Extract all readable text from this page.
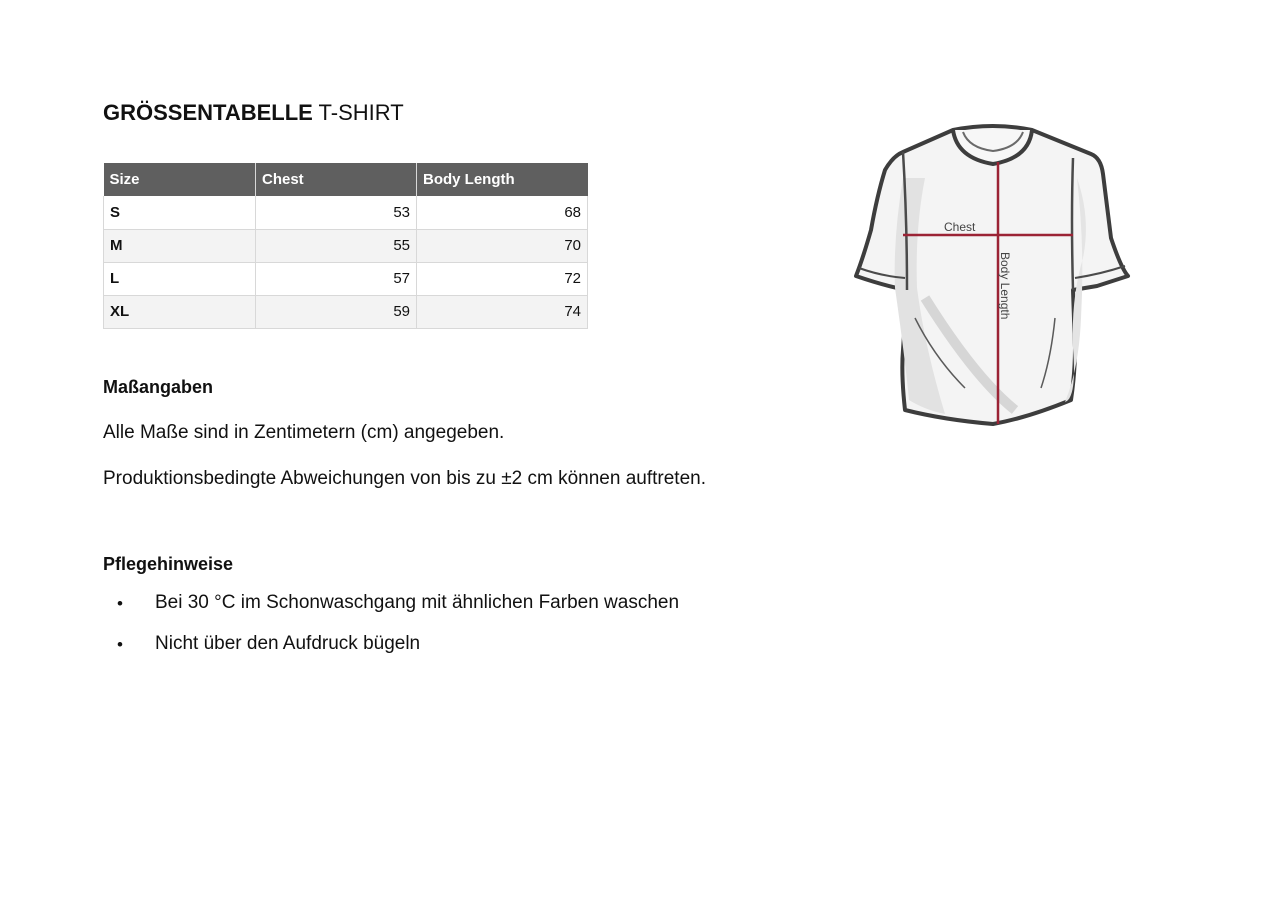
GRÖSSENTABELLE T-SHIRT
Size	Chest	Body Length
S	53	68
M	55	70
L	57	72
XL	59	74
Maßangaben
Alle Maße sind in Zentimetern (cm) angegeben.
Produktionsbedingte Abweichungen von bis zu ±2 cm können auftreten.
Pflegehinweise
• Bei 30 °C im Schonwaschgang mit ähnlichen Farben waschen
• Nicht über den Aufdruck bügeln
Chest
Body Length
